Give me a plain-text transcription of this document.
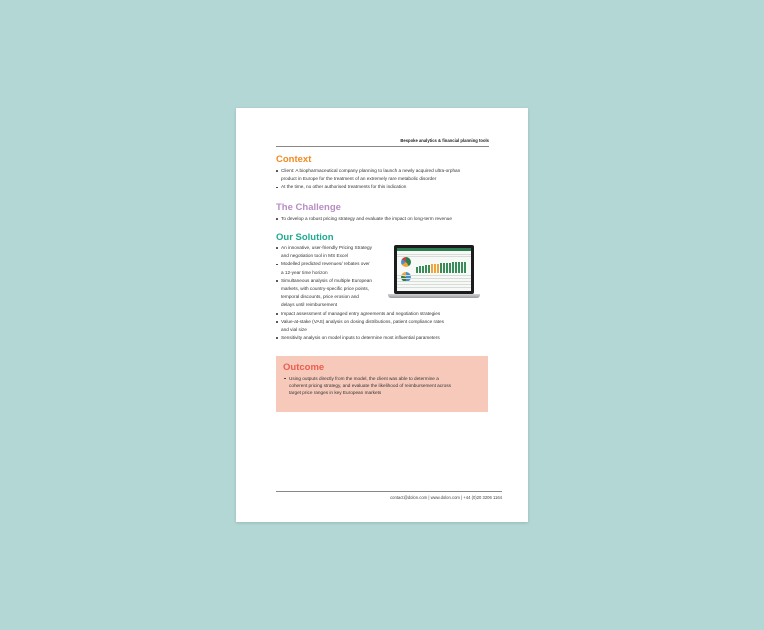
Bespoke analytics & financial planning tools
Context
Client: A biopharmaceutical company planning to launch a newly acquired ultra-orphan
product in Europe for the treatment of an extremely rare metabolic disorder
At the time, no other authorised treatments for this indication
The Challenge
To develop a robust pricing strategy and evaluate the impact on long-term revenue
Our Solution
An innovative, user-friendly Pricing Strategy
and negotiation tool in MS Excel
Modelled predicted revenues/ rebates over
a 12-year time horizon
Simultaneous analysis of multiple European
markets, with country-specific price points,
temporal discounts, price erosion and
delays until reimbursement
Impact assessment of managed entry agreements and negotiation strategies
Value-at-stake (VAS) analysis on dosing distributions, patient compliance rates
and vial size
Sensitivity analysis on model inputs to determine most influential parameters
Outcome
Using outputs directly from the model, the client was able to determine a
coherent pricing strategy, and evaluate the likelihood of reimbursement across
target price ranges in key European markets
contact@dolon.com | www.dolon.com | +44 (0)20 3206 1164
